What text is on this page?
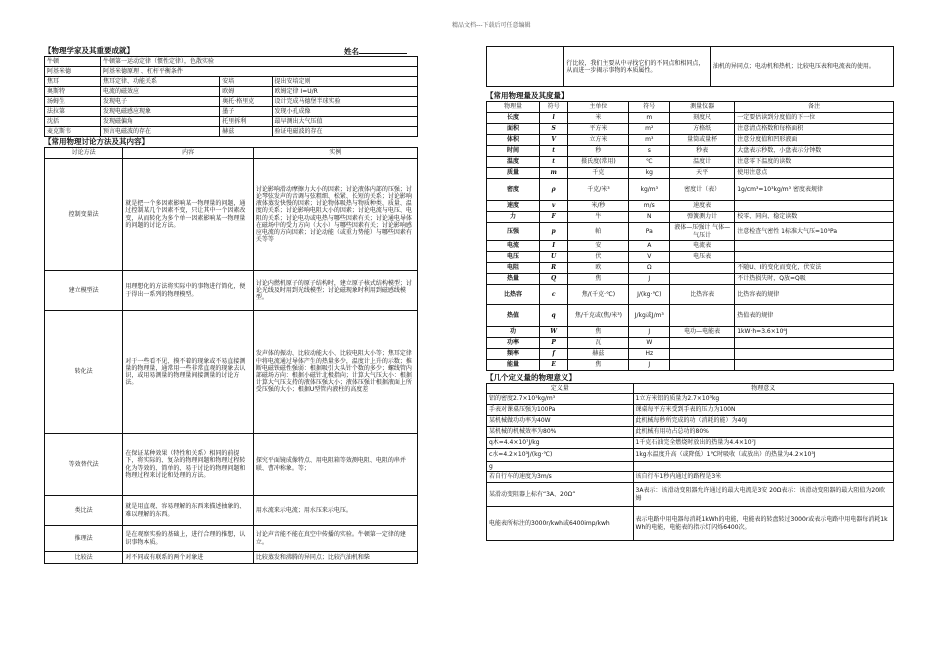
精品文档---下载后可任意编辑
【物理学家及其重要成就】	姓名
牛顿	牛顿第一运动定律（惯性定律），色散实验		
阿基米德	阿基米德原理 、杠杆平衡条件		
焦耳	焦耳定律、功能关系	安培	提出安培定则
奥斯特	电流的磁效应	欧姆	欧姆定律 I=U/R
汤姆生	发现电子	奥托·格里克	设计完成马德堡半球实验
法拉第	发现电磁感应现象	墨子	发现小孔成像
沈括	发现磁偏角	托里拆利	最早测出大气压值
麦克斯韦	预言电磁波的存在	赫兹	验证电磁波的存在
【常用物理讨论方法及其内容】
讨论方法	内容	实例
控制变量法	就是把一个多因素影响某一物理量的问题，通过控制某几个因素不变，只让其中一个因素改变，从而转化为多个单一因素影响某一物理量的问题的讨论方法。	讨论影响滑动摩擦力大小的因素；讨论液体内部的压强；讨论琴弦发声的音调与弦粗细、松紧、长短的关系；讨论影响液体蒸发快慢的因素；讨论物体吸热与物质种类、质量、温度的关系；讨论影响电阻大小的因素；讨论电流与电压、电阻的关系；讨论电功或电热与哪些因素有关；讨论通电导体在磁场中的受力方向（大小）与哪些因素有关；讨论影响感应电流的方向因素；讨论动能（或重力势能）与哪些因素有关等等
建立模型法	用理想化的方法将实际中的事物进行简化，便于得出一系列的物理模型。	讨论内燃机原子的原子结构时，建立原子核式结构模型；讨论光线及时用到光线模型；讨论磁现象时利用到磁感线模型。
转化法	对于一些看不见、摸不着的现象或不易直接测量的物理量，通常用一些非常直观的现象去认识，或用易测量的物理量间接测量的讨论方法。	发声体的振动、比较动能大小、比较电阻大小等；焦耳定律中将电流通过导体产生的热量多少，温度计上升的示数；推断电磁铁磁性强弱：根据吸引大头针个数的多少；螺线管内部磁场方向：根据小磁针北极指向；计算大气压大小：根据计算大气压支持的液体压强大小；液体压强计根据液面上所受压强的大小；根据U型管内液柱的高度差
等效替代法	在保证某种效果（特性和关系）相同的前提下，将实际的、复杂的物理问题和物理过程转化为等效的、简单的、易于讨论的物理问题和物理过程来讨论和处理的方法。	探究平面镜成像特点、用电阻箱等效测电阻、电阻的串并联、曹冲称象。等；
类比法	就是用直观、容易理解的东西来描述抽象的、难以理解的东西。	用水流来示电流；用水压来示电压。
推理法	是在观察实验的基础上，进行合理的推想，认识事物本质。	讨论声音能不能在真空中传播的实验。牛顿第一定律的建立。
比较法	对不同或有联系的两个对象进	比较蒸发和沸腾的异同点；比较汽油机和柴
	行比较，我们主要从中寻找它们的不同点和相同点，从而进一步揭示事物的本质属性。	油机的异同点；电动机和热机；比较电压表和电流表的使用。
【常用物理量及其度量】
物理量	符号	主单位	符号	测量仪器	备注
长度	l	米	m	刻度尺	一定要估读到分度值的下一位
面积	S	平方米	m²	方格纸	注意清点格数和每格面积
体积	V	立方米	m³	量筒或量杯	注意分度值和凹形液面
时间	t	秒	s	秒表	大盘表示秒数，小盘表示分钟数
温度	t	摄氏度(常用)	℃	温度计	注意零下温度的读数
质量	m	千克	kg	天平	使用注意点
密度	ρ	千克/米³	kg/m³	密度计（表）	1g/cm³=10³kg/m³ 密度表规律
速度	v	米/秒	m/s	速度表	
力	F	牛	N	弹簧测力计	校零、同向、稳定读数
压强	p	帕	Pa	液体—压强计 气体—气压计	注意检查气密性 1标准大气压=10⁵Pa
电流	I	安	A	电流表	
电压	U	伏	V	电压表	
电阻	R	欧	Ω		不随U、I的变化而变化，伏安法
热量	Q	焦	J		不计热损失时，Q放=Q吸
比热容	c	焦/(千克·℃)	J/(kg·℃)	比热容表	比热容表的规律
热值	q	焦/千克或(焦/米³)	J/kg或J/m³		热值表的规律
功	W	焦	J	电功—电能表	1kW·h=3.6×10⁶J
功率	P	瓦	W		
频率	f	赫兹	Hz		
能量	E	焦	J		
【几个定义量的物理意义】
定义量	物理意义
铝的密度2.7×10³kg/m³	1立方米铝的质量为2.7×10³kg
手表对课桌压强为100Pa	课桌每平方米受到手表的压力为100N
某机械做功功率为40W	此机械每秒所完成的功（消耗的能）为40J
某机械的机械效率为80%	此机械有用功占总功的80%
q木=4.4×10⁷J/kg	1千克石油完全燃烧时放出的热量为4.4×10⁷J
c水=4.2×10³J/(kg·℃)	1kg水温度升高（或降低）1℃时吸收（或放出）的热量为4.2×10³J
g	
若自行车的速度为3m/s	该自行车1秒内通过的路程是3米
某滑动变阻器上标有“3A、20Ω”	3A表示：该滑动变阻器允许通过的最大电流是3安 20Ω表示：该滑动变阻器的最大阻值为20欧姆
电能表所标注的3000r/kwh或6400imp/kwh	表示电路中用电器每消耗1kWh的电能，电能表的转盘转过3000r或表示电路中用电器每消耗1kWh的电能，电能表的指示灯闪烁6400次。
